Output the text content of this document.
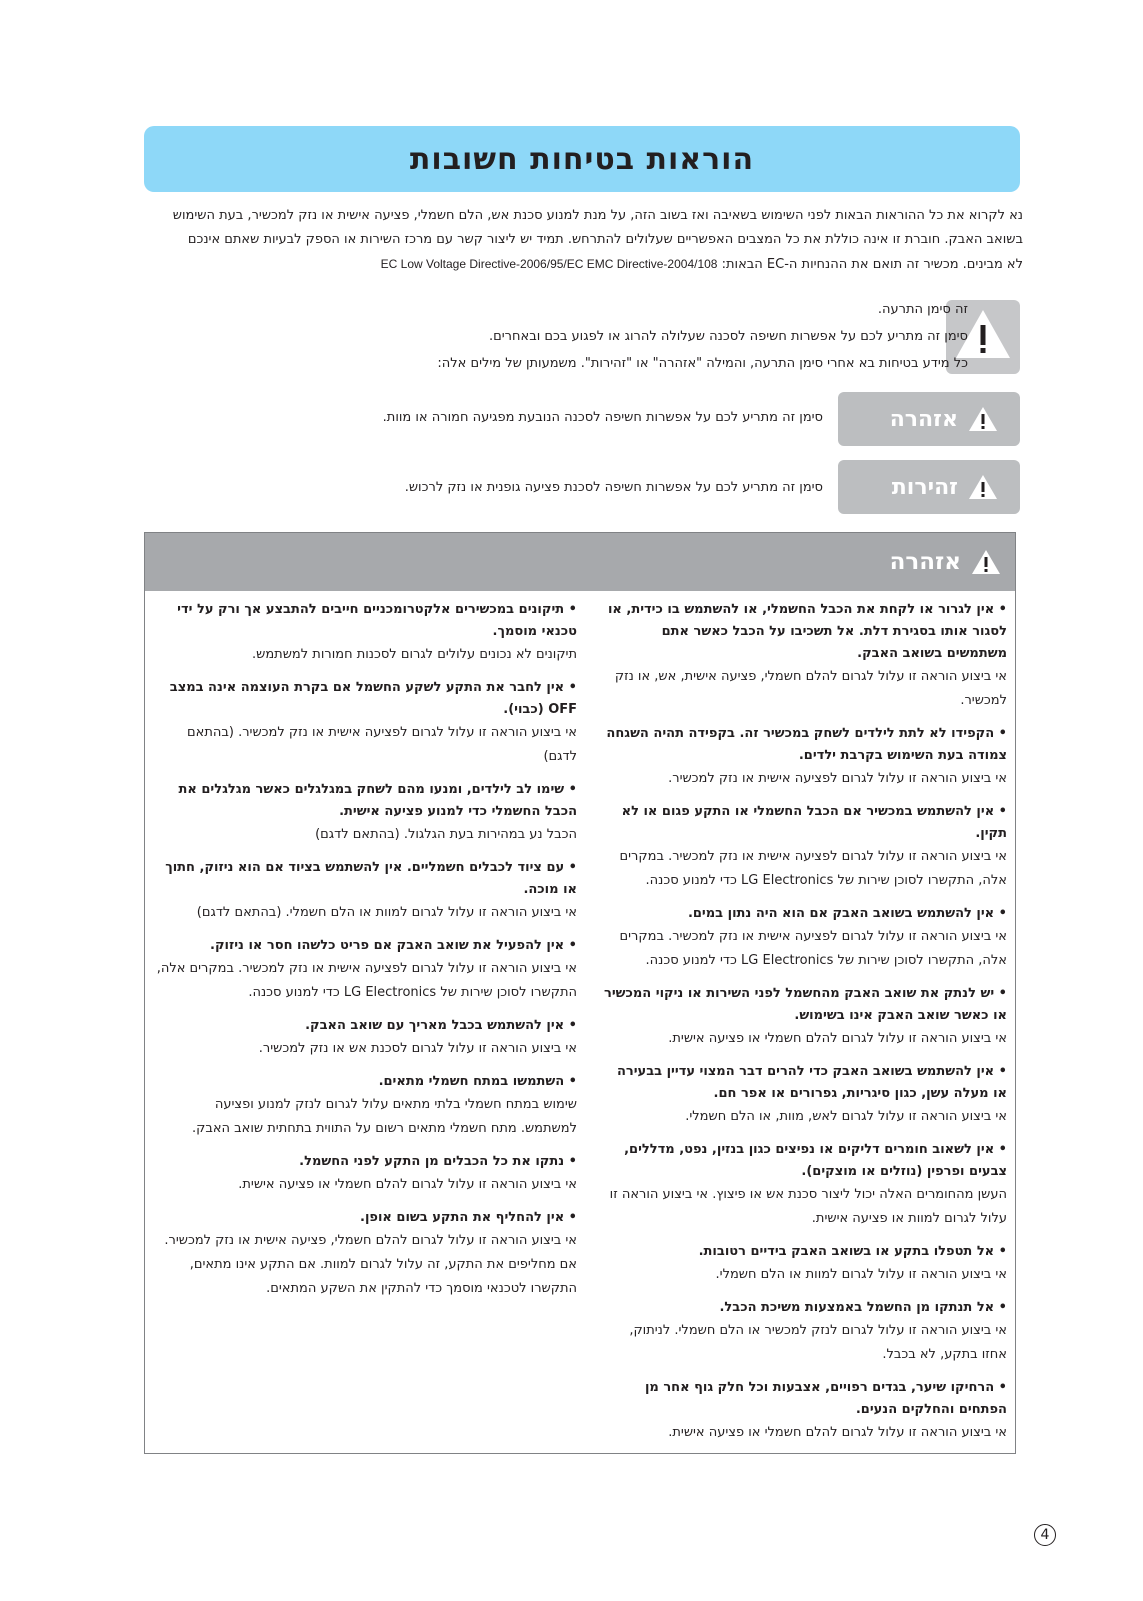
הוראות בטיחות חשובות
נא לקרוא את כל ההוראות הבאות לפני השימוש בשאיבה ואז בשוב הזה, על מנת למנוע סכנת אש, הלם חשמלי, פציעה אישית או נזק למכשיר, בעת השימוש
בשואב האבק. חוברת זו אינה כוללת את כל המצבים האפשריים שעלולים להתרחש. תמיד יש ליצור קשר עם מרכז השירות או הספק לבעיות שאתם אינכם
לא מבינים. מכשיר זה תואם את ההנחיות ה-EC הבאות: EC Low Voltage Directive-2006/95/EC EMC Directive-2004/108
זה סימן התרעה.
סימן זה מתריע לכם על אפשרות חשיפה לסכנה שעלולה להרוג או לפגוע בכם ובאחרים.
כל מידע בטיחות בא אחרי סימן התרעה, והמילה "אזהרה" או "זהירות". משמעותן של מילים אלה:
אזהרה
סימן זה מתריע לכם על אפשרות חשיפה לסכנה הנובעת מפגיעה חמורה או מוות.
זהירות
סימן זה מתריע לכם על אפשרות חשיפה לסכנת פציעה גופנית או נזק לרכוש.
אזהרה
• אין לגרור או לקחת את הכבל החשמלי, או להשתמש בו כידית, או לסגור אותו בסגירת דלת. אל תשכיבו על הכבל כאשר אתם משתמשים בשואב האבק.
אי ביצוע הוראה זו עלול לגרום להלם חשמלי, פציעה אישית, אש, או נזק למכשיר.
• הקפידו לא לתת לילדים לשחק במכשיר זה. בקפידה תהיה השגחה צמודה בעת השימוש בקרבת ילדים.
אי ביצוע הוראה זו עלול לגרום לפציעה אישית או נזק למכשיר.
• אין להשתמש במכשיר אם הכבל החשמלי או התקע פגום או לא תקין.
אי ביצוע הוראה זו עלול לגרום לפציעה אישית או נזק למכשיר. במקרים אלה, התקשרו לסוכן שירות של LG Electronics כדי למנוע סכנה.
• אין להשתמש בשואב האבק אם הוא היה נתון במים.
אי ביצוע הוראה זו עלול לגרום לפציעה אישית או נזק למכשיר. במקרים אלה, התקשרו לסוכן שירות של LG Electronics כדי למנוע סכנה.
• יש לנתק את שואב האבק מהחשמל לפני השירות או ניקוי המכשיר או כאשר שואב האבק אינו בשימוש.
אי ביצוע הוראה זו עלול לגרום להלם חשמלי או פציעה אישית.
• אין להשתמש בשואב האבק כדי להרים דבר המצוי עדיין בבעירה או מעלה עשן, כגון סיגריות, גפרורים או אפר חם.
אי ביצוע הוראה זו עלול לגרום לאש, מוות, או הלם חשמלי.
• אין לשאוב חומרים דליקים או נפיצים כגון בנזין, נפט, מדללים, צבעים ופרפין (נוזלים או מוצקים).
העשן מהחומרים האלה יכול ליצור סכנת אש או פיצוץ. אי ביצוע הוראה זו עלול לגרום למוות או פציעה אישית.
• אל תטפלו בתקע או בשואב האבק בידיים רטובות.
אי ביצוע הוראה זו עלול לגרום למוות או הלם חשמלי.
• אל תנתקו מן החשמל באמצעות משיכת הכבל.
אי ביצוע הוראה זו עלול לגרום לנזק למכשיר או הלם חשמלי. לניתוק, אחזו בתקע, לא בכבל.
• הרחיקו שיער, בגדים רפויים, אצבעות וכל חלק גוף אחר מן הפתחים והחלקים הנעים.
אי ביצוע הוראה זו עלול לגרום להלם חשמלי או פציעה אישית.
• תיקונים במכשירים אלקטרומכניים חייבים להתבצע אך ורק על ידי טכנאי מוסמך.
תיקונים לא נכונים עלולים לגרום לסכנות חמורות למשתמש.
• אין לחבר את התקע לשקע החשמל אם בקרת העוצמה אינה במצב OFF (כבוי).
אי ביצוע הוראה זו עלול לגרום לפציעה אישית או נזק למכשיר. (בהתאם לדגם)
• שימו לב לילדים, ומנעו מהם לשחק במגלגלים כאשר מגלגלים את הכבל החשמלי כדי למנוע פציעה אישית.
הכבל נע במהירות בעת הגלגול. (בהתאם לדגם)
• עם ציוד לכבלים חשמליים. אין להשתמש בציוד אם הוא ניזוק, חתוך או מוכה.
אי ביצוע הוראה זו עלול לגרום למוות או הלם חשמלי. (בהתאם לדגם)
• אין להפעיל את שואב האבק אם פריט כלשהו חסר או ניזוק.
אי ביצוע הוראה זו עלול לגרום לפציעה אישית או נזק למכשיר. במקרים אלה, התקשרו לסוכן שירות של LG Electronics כדי למנוע סכנה.
• אין להשתמש בכבל מאריך עם שואב האבק.
אי ביצוע הוראה זו עלול לגרום לסכנת אש או נזק למכשיר.
• השתמשו במתח חשמלי מתאים.
שימוש במתח חשמלי בלתי מתאים עלול לגרום לנזק למנוע ופציעה למשתמש. מתח חשמלי מתאים רשום על התווית בתחתית שואב האבק.
• נתקו את כל הכבלים מן התקע לפני החשמל.
אי ביצוע הוראה זו עלול לגרום להלם חשמלי או פציעה אישית.
• אין להחליף את התקע בשום אופן.
אי ביצוע הוראה זו עלול לגרום להלם חשמלי, פציעה אישית או נזק למכשיר. אם מחליפים את התקע, זה עלול לגרום למוות. אם התקע אינו מתאים, התקשרו לטכנאי מוסמך כדי להתקין את השקע המתאים.
4
